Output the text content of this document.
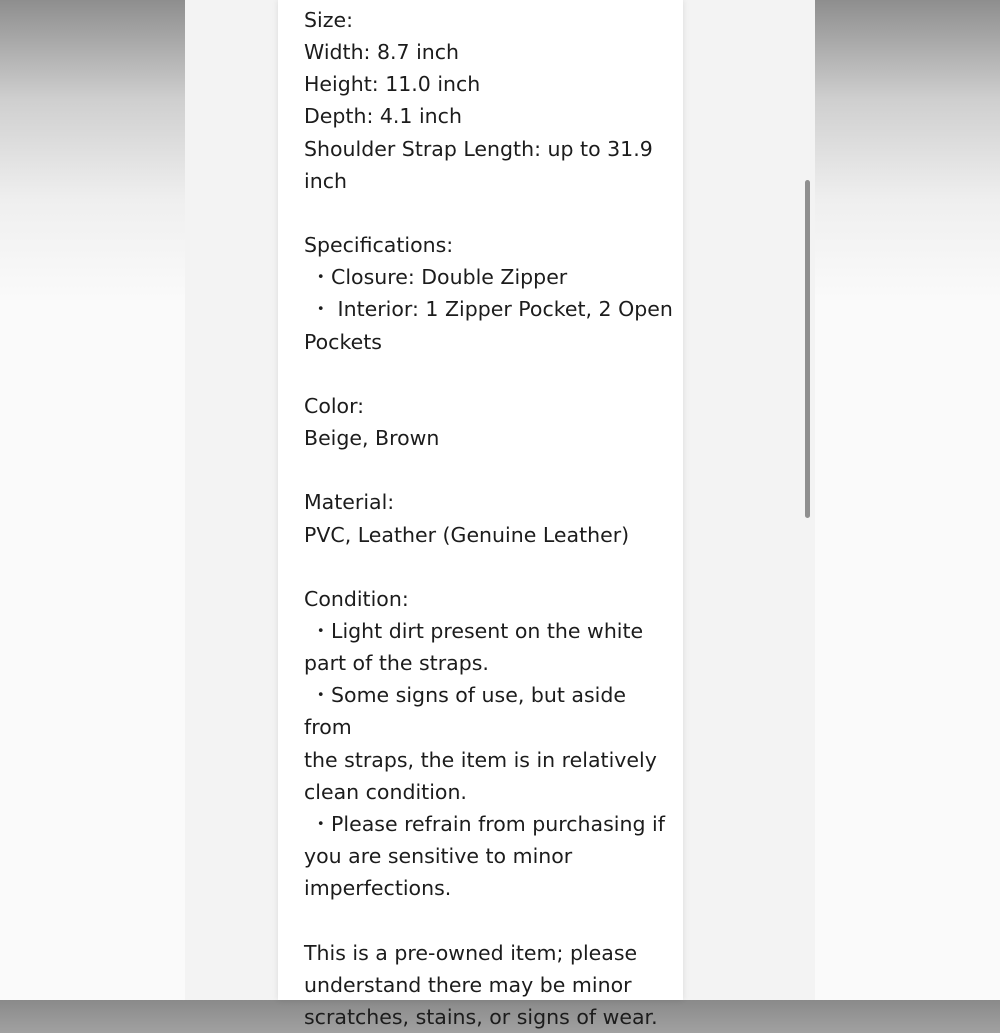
Size:
Width: 8.7 inch
Height: 11.0 inch
Depth: 4.1 inch
Shoulder Strap Length: up to 31.9
inch

Specifications:
・Closure: Double Zipper
・ Interior: 1 Zipper Pocket, 2 Open
Pockets

Color:
Beige, Brown

Material:
PVC, Leather (Genuine Leather)

Condition:
・Light dirt present on the white
part of the straps.
・Some signs of use, but aside from
the straps, the item is in relatively
clean condition.
・Please refrain from purchasing if
you are sensitive to minor
imperfections.

This is a pre-owned item; please
understand there may be minor
scratches, stains, or signs of wear.
